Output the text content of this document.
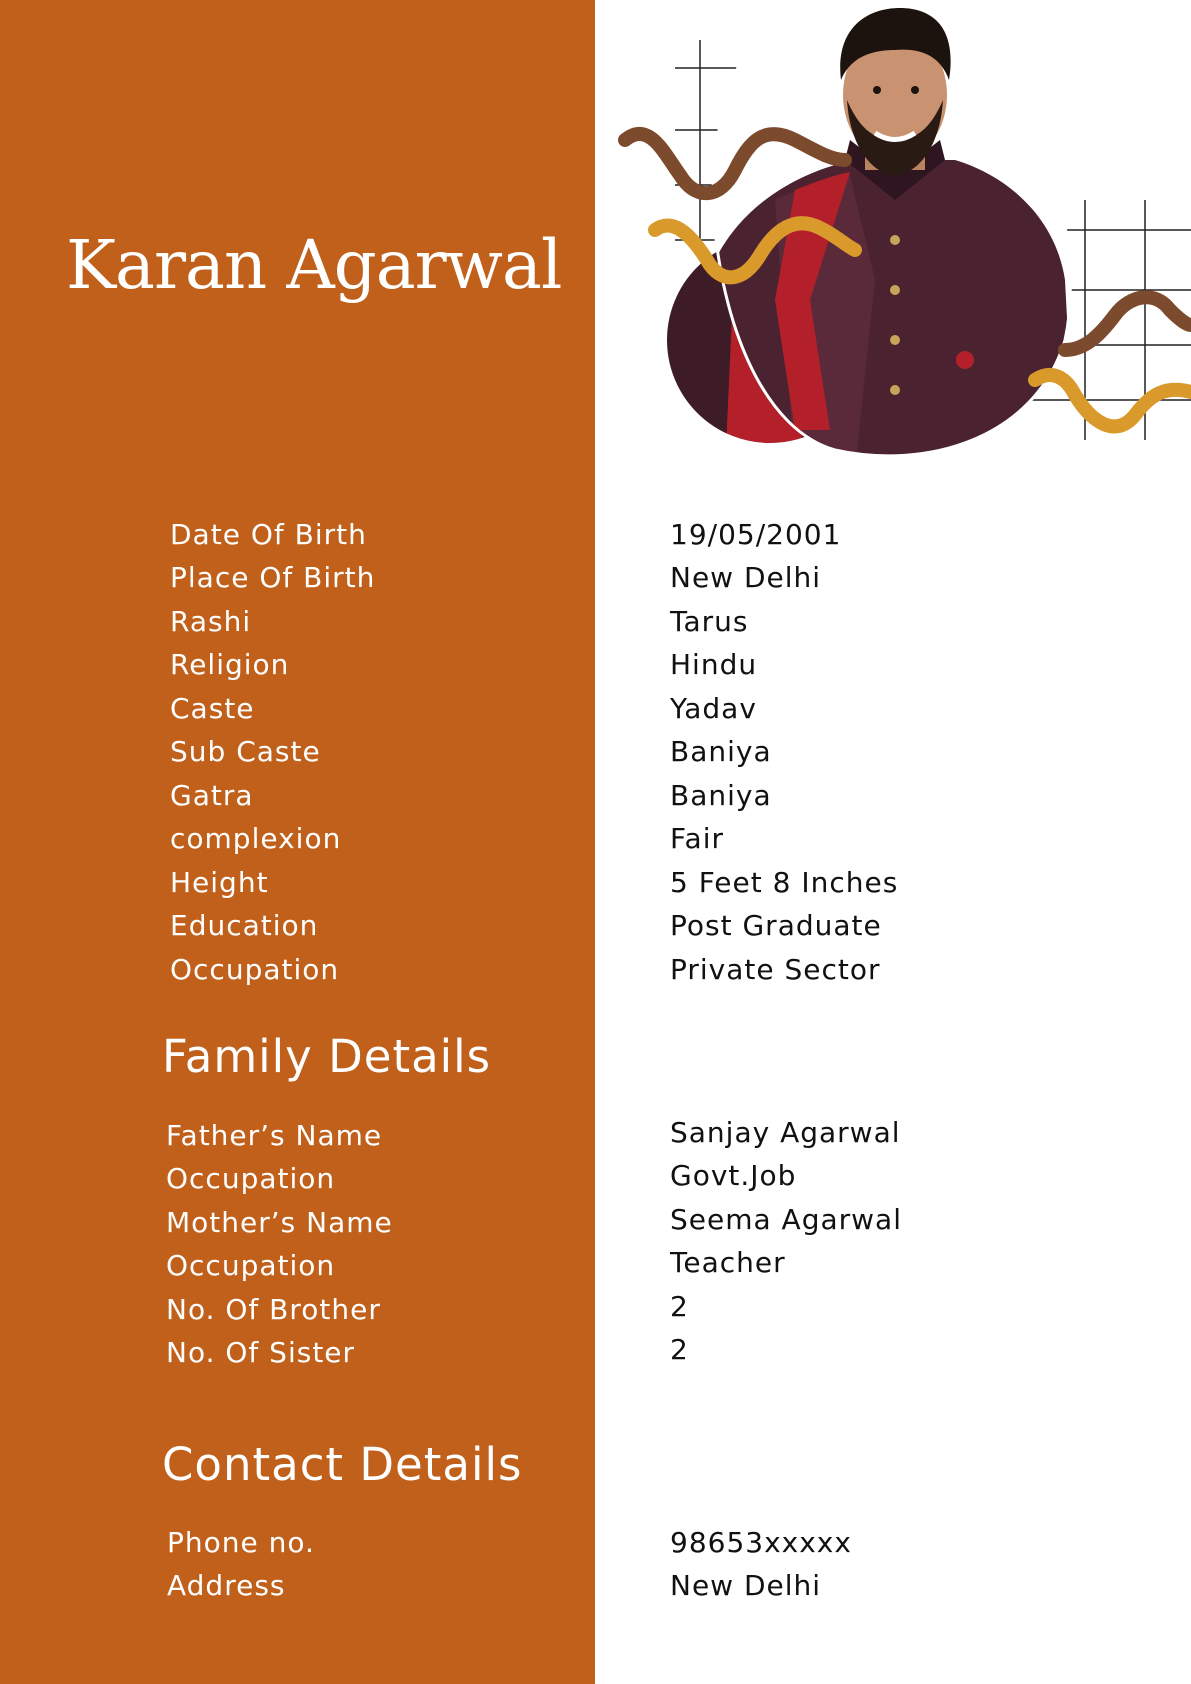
Karan Agarwal
Date Of Birth	19/05/2001
Place Of Birth	New Delhi
Rashi	Tarus
Religion	Hindu
Caste	Yadav
Sub Caste	Baniya
Gatra	Baniya
complexion	Fair
Height	5 Feet 8 Inches
Education	Post Graduate
Occupation	Private Sector
Family Details
Father’s Name	Sanjay Agarwal
Occupation	Govt.Job
Mother’s Name	Seema Agarwal
Occupation	Teacher
No. Of Brother	2
No. Of Sister	2
Contact Details
Phone no.	98653xxxxx
Address	New Delhi
